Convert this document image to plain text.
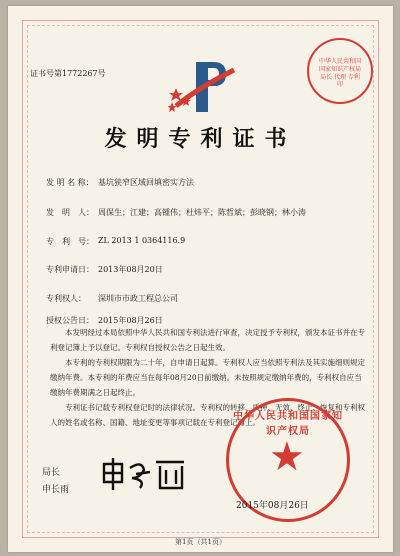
证书号第1772267号
中华人民共和国国家知识产权局 局长 代理 专利 印
发明专利证书
发 明 名 称： 基坑狭窄区域回填密实方法
发　明　人： 周保生；江建；高锺伟；杜炜平；陈哲斌；彭晓钢；林小涛
专　利　号： ZL 2013 1 0364116.9
专利申请日： 2013年08月20日
专利权人： 深圳市市政工程总公司
授权公告日： 2015年08月26日

本发明经过本局依照中华人民共和国专利法进行审查，决定授予专利权，颁发本证书并在专利登记簿上予以登记。专利权自授权公告之日起生效。

本专利的专利权期限为二十年，自申请日起算。专利权人应当依照专利法及其实施细则规定缴纳年费。本专利的年费应当在每年08月20日前缴纳。未按照规定缴纳年费的，专利权自应当缴纳年费期满之日起终止。

专利证书记载专利权登记时的法律状况。专利权的转移、质押、无效、终止、恢复和专利权人的姓名或名称、国籍、地址变更等事项记载在专利登记簿上。

局长
申长雨
中华人民共和国国家知识产权局
★
2015年08月26日
第1页（共1页）
